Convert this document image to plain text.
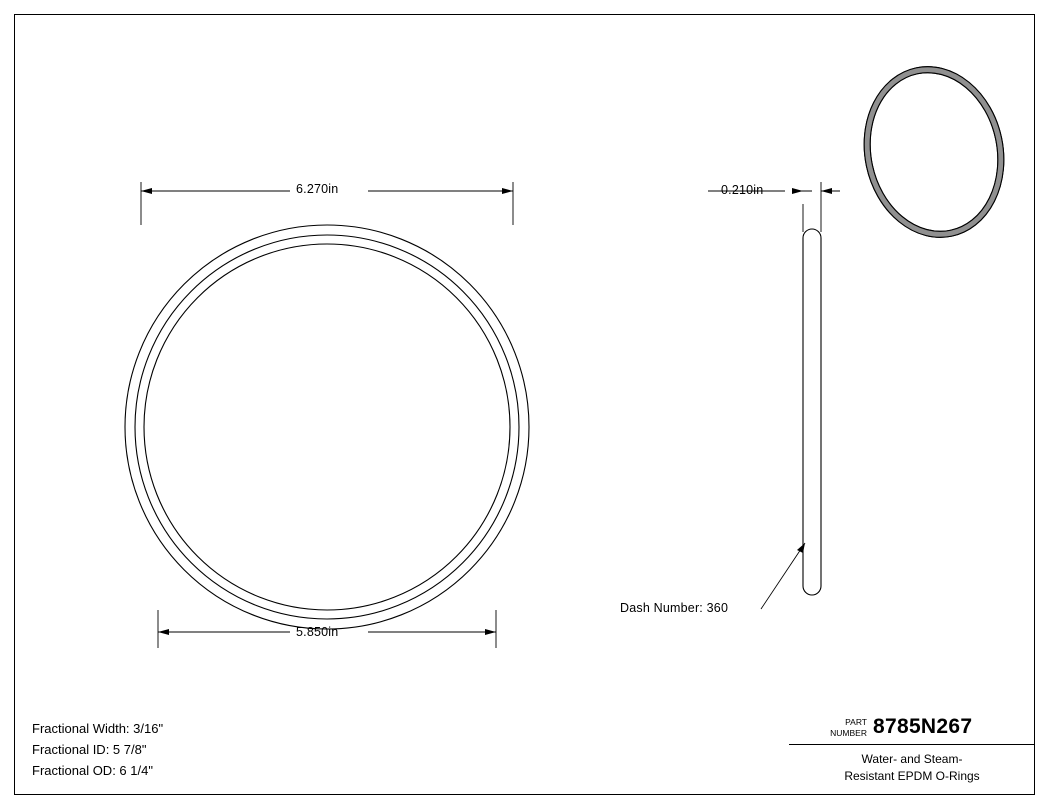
6.270in
5.850in
0.210in
Dash Number: 360
Fractional Width: 3/16"
Fractional ID: 5 7/8"
Fractional OD: 6 1/4"
PART
NUMBER 8785N267
Water- and Steam-
Resistant EPDM O-Rings
